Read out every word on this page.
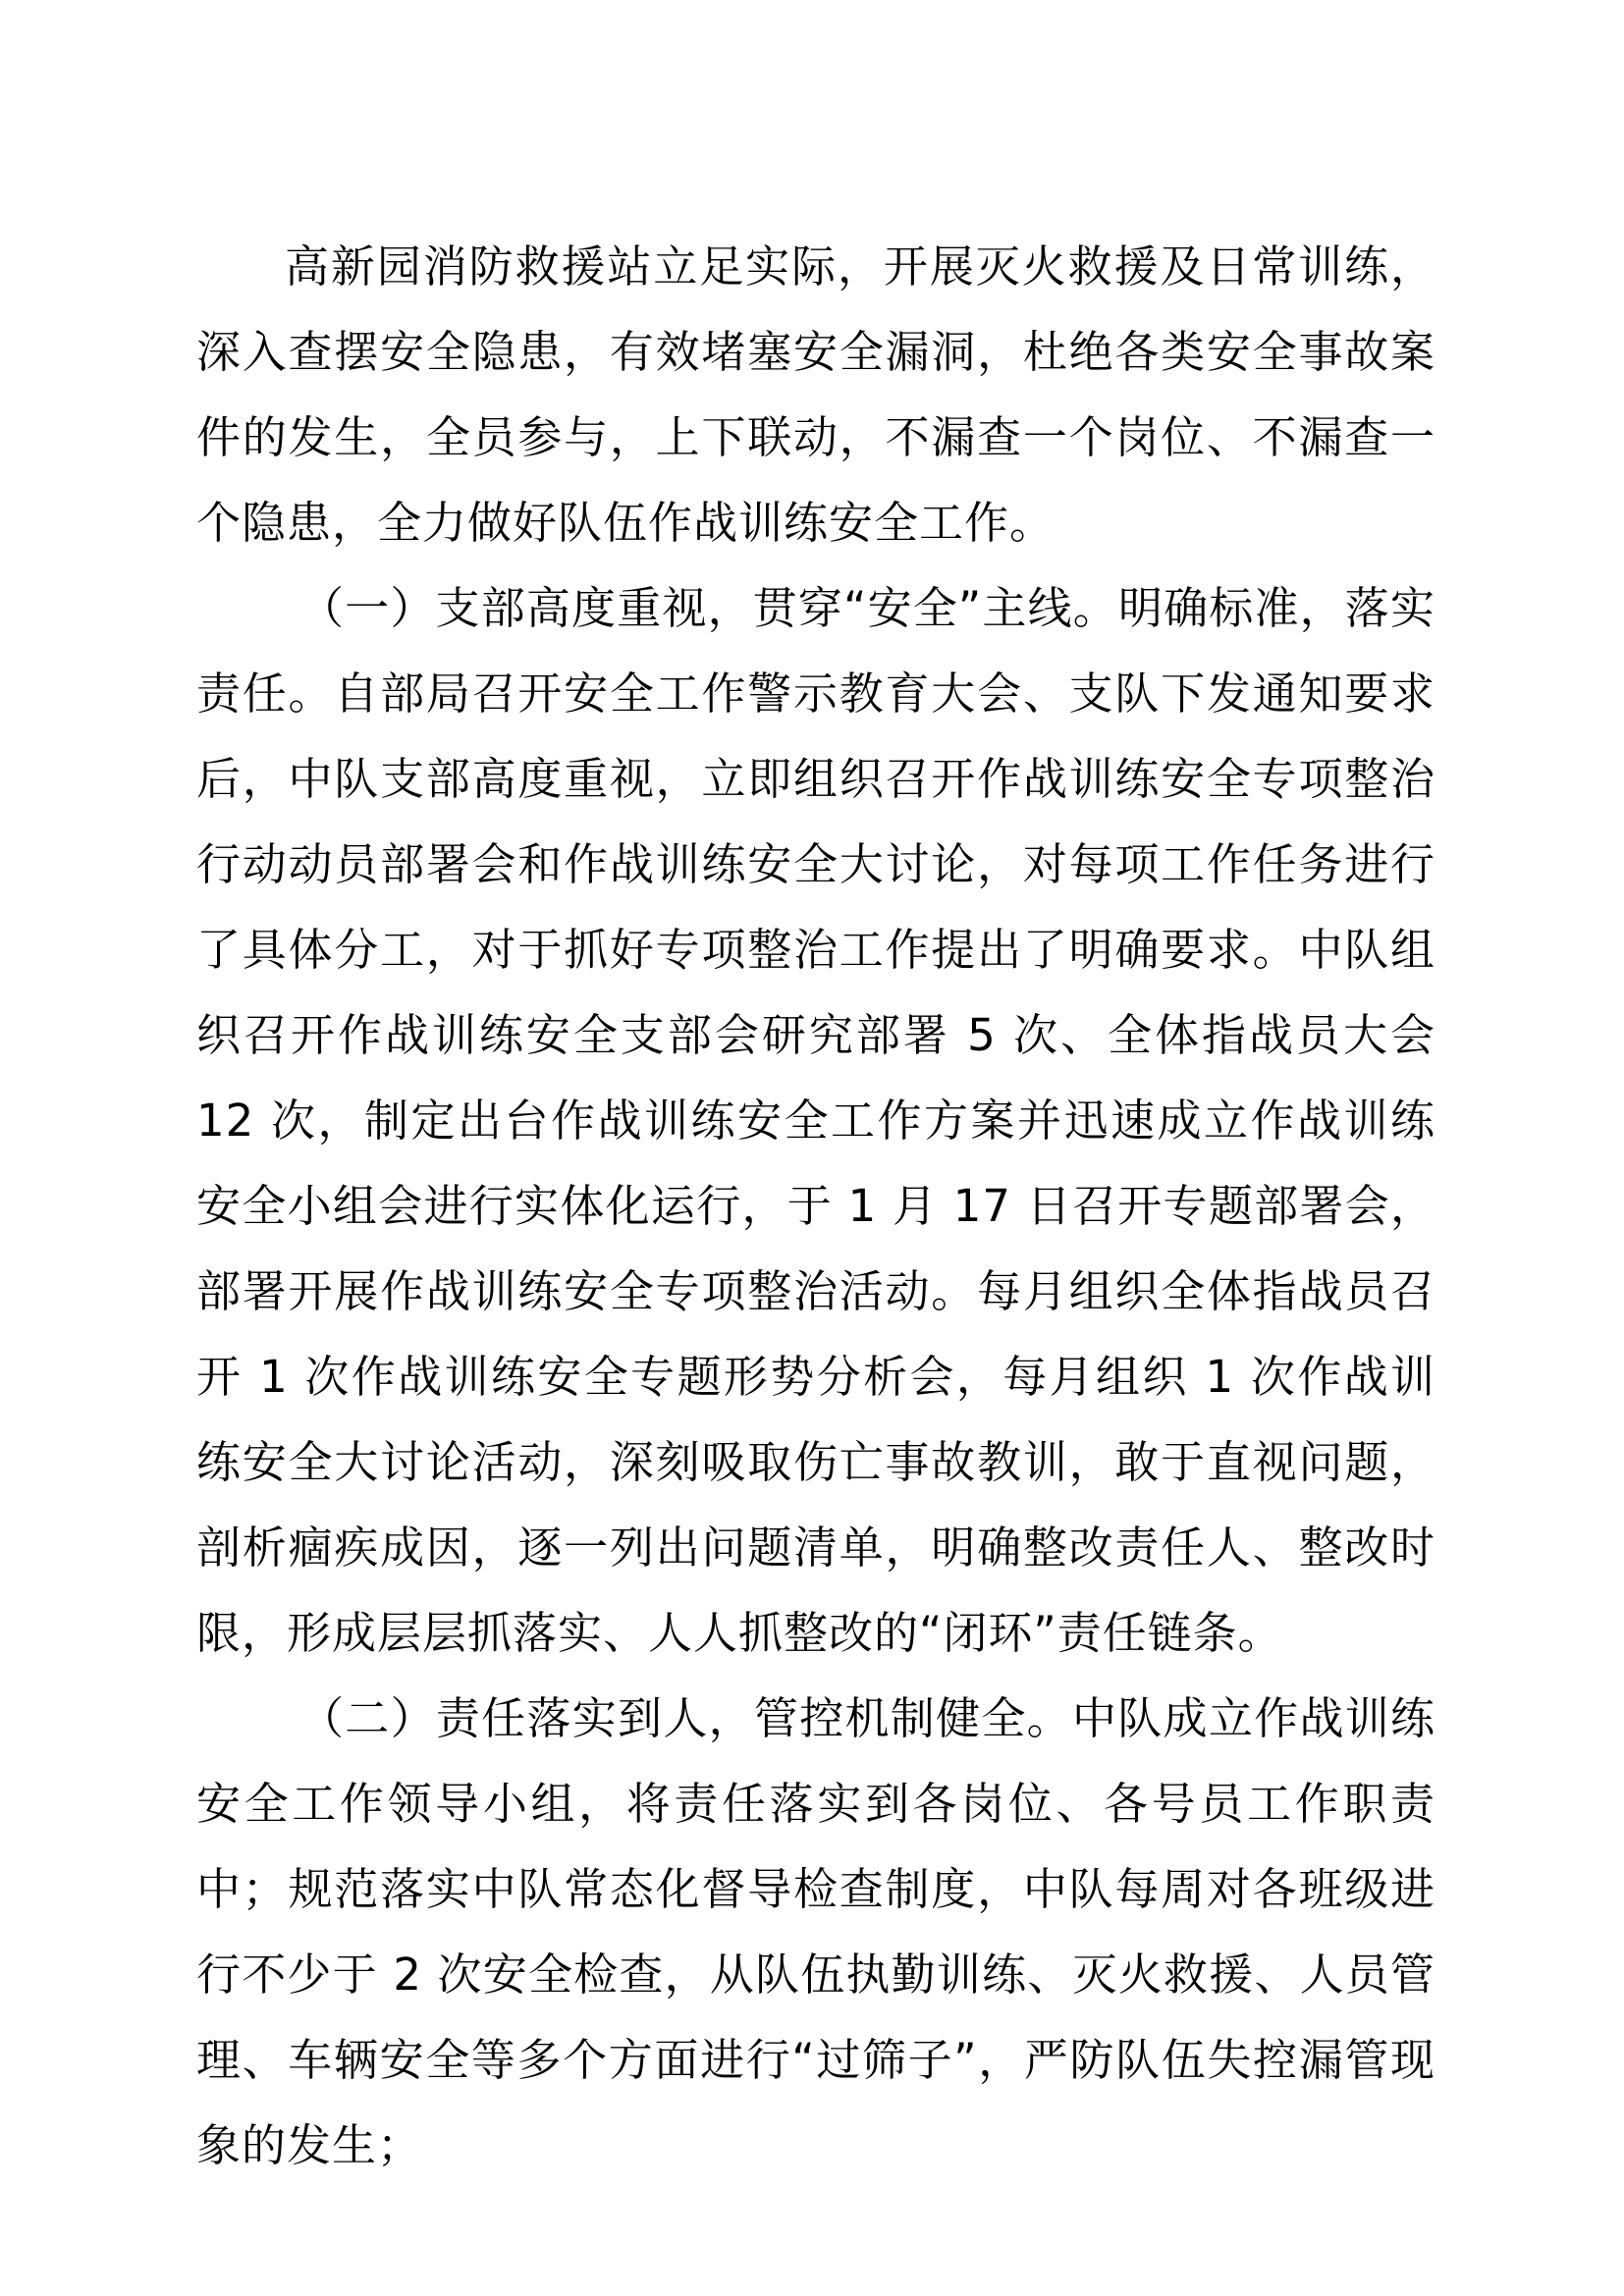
高新园消防救援站立足实际，开展灭火救援及日常训练，深入查摆安全隐患，有效堵塞安全漏洞，杜绝各类安全事故案件的发生，全员参与，上下联动，不漏查一个岗位、不漏查一个隐患，全力做好队伍作战训练安全工作。

（一）支部高度重视，贯穿“安全”主线。明确标准，落实责任。自部局召开安全工作警示教育大会、支队下发通知要求后，中队支部高度重视，立即组织召开作战训练安全专项整治行动动员部署会和作战训练安全大讨论，对每项工作任务进行了具体分工，对于抓好专项整治工作提出了明确要求。中队组织召开作战训练安全支部会研究部署 5 次、全体指战员大会 12 次，制定出台作战训练安全工作方案并迅速成立作战训练安全小组会进行实体化运行，于 1 月 17 日召开专题部署会，部署开展作战训练安全专项整治活动。每月组织全体指战员召开 1 次作战训练安全专题形势分析会，每月组织 1 次作战训练安全大讨论活动，深刻吸取伤亡事故教训，敢于直视问题，剖析痼疾成因，逐一列出问题清单，明确整改责任人、整改时限，形成层层抓落实、人人抓整改的“闭环”责任链条。

（二）责任落实到人，管控机制健全。中队成立作战训练安全工作领导小组，将责任落实到各岗位、各号员工作职责中；规范落实中队常态化督导检查制度，中队每周对各班级进行不少于 2 次安全检查，从队伍执勤训练、灭火救援、人员管理、车辆安全等多个方面进行“过筛子”，严防队伍失控漏管现象的发生；
